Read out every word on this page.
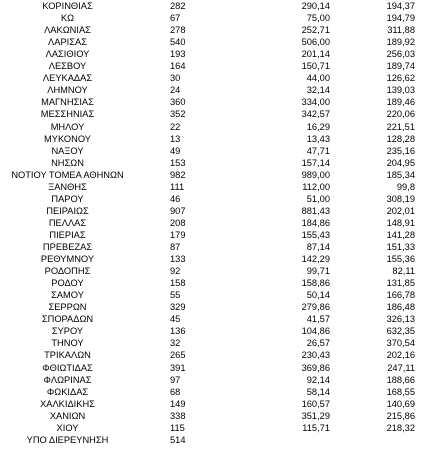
ΚΟΡΙΝΘΙΑΣ	282	290,14	194,37
ΚΩ	67	75,00	194,79
ΛΑΚΩΝΙΑΣ	278	252,71	311,88
ΛΑΡΙΣΑΣ	540	506,00	189,92
ΛΑΣΙΘΙΟΥ	193	201,14	256,03
ΛΕΣΒΟΥ	164	150,71	189,74
ΛΕΥΚΑΔΑΣ	30	44,00	126,62
ΛΗΜΝΟΥ	24	32,14	139,03
ΜΑΓΝΗΣΙΑΣ	360	334,00	189,46
ΜΕΣΣΗΝΙΑΣ	352	342,57	220,06
ΜΗΛΟΥ	22	16,29	221,51
ΜΥΚΟΝΟΥ	13	13,43	128,28
ΝΑΞΟΥ	49	47,71	235,16
ΝΗΣΩΝ	153	157,14	204,95
ΝΟΤΙΟΥ ΤΟΜΕΑ ΑΘΗΝΩΝ	982	989,00	185,34
ΞΑΝΘΗΣ	111	112,00	99,8
ΠΑΡΟΥ	46	51,00	308,19
ΠΕΙΡΑΙΩΣ	907	881,43	202,01
ΠΕΛΛΑΣ	208	184,86	148,91
ΠΙΕΡΙΑΣ	179	155,43	141,28
ΠΡΕΒΕΖΑΣ	87	87,14	151,33
ΡΕΘΥΜΝΟΥ	133	142,29	155,36
ΡΟΔΟΠΗΣ	92	99,71	82,11
ΡΟΔΟΥ	158	158,86	131,85
ΣΑΜΟΥ	55	50,14	166,78
ΣΕΡΡΩΝ	329	279,86	186,48
ΣΠΟΡΑΔΩΝ	45	41,57	326,13
ΣΥΡΟΥ	136	104,86	632,35
ΤΗΝΟΥ	32	26,57	370,54
ΤΡΙΚΑΛΩΝ	265	230,43	202,16
ΦΘΙΩΤΙΔΑΣ	391	369,86	247,11
ΦΛΩΡΙΝΑΣ	97	92,14	188,66
ΦΩΚΙΔΑΣ	68	58,14	168,55
ΧΑΛΚΙΔΙΚΗΣ	149	160,57	140,69
ΧΑΝΙΩΝ	338	351,29	215,86
ΧΙΟΥ	115	115,71	218,32
ΥΠΟ ΔΙΕΡΕΥΝΗΣΗ	514
